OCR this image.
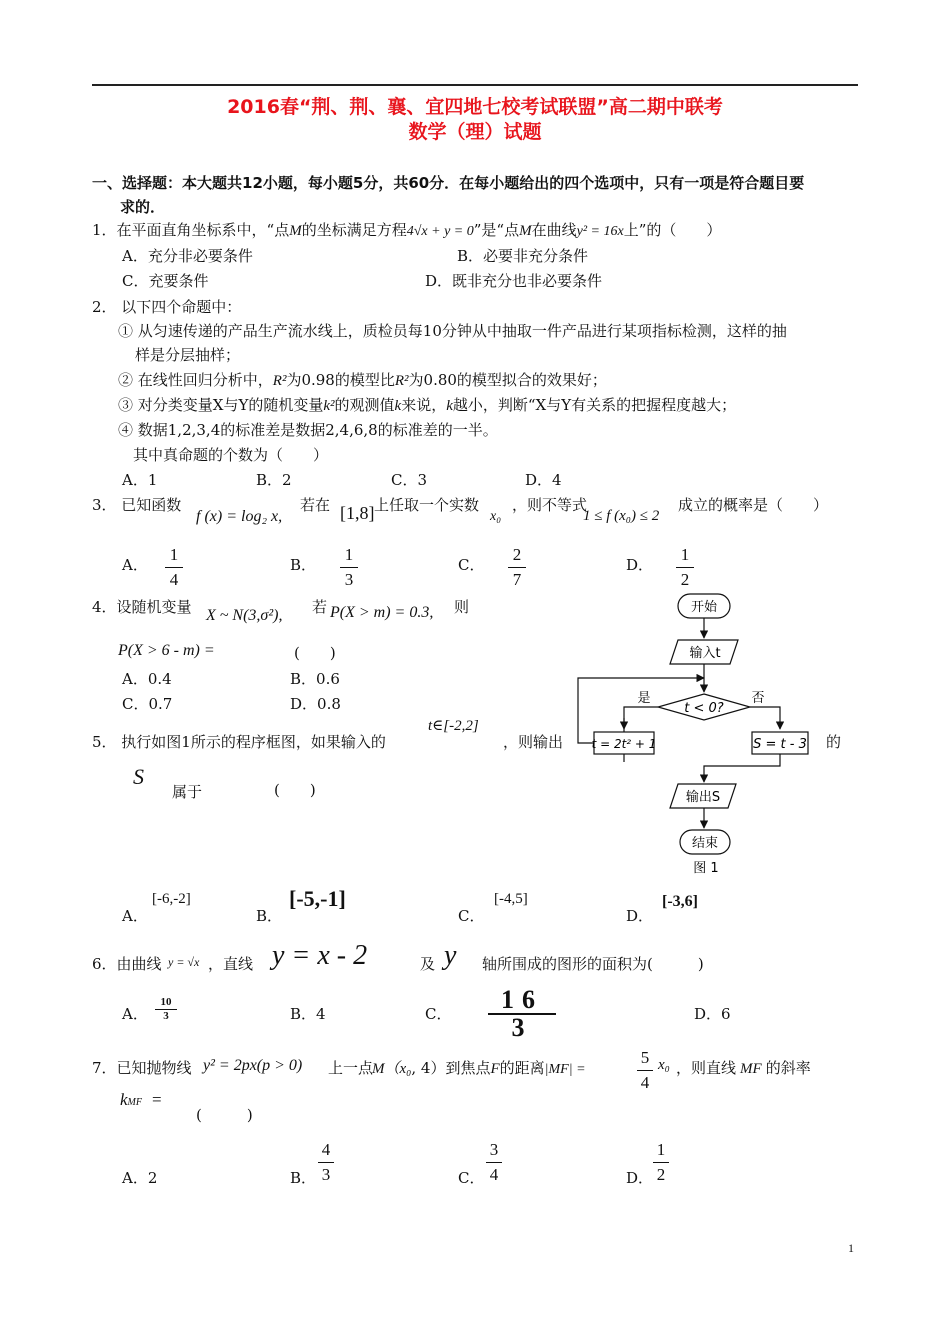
2016春“荆、荆、襄、宜四地七校考试联盟”高二期中联考
数学（理）试题
一、选择题：本大题共12小题，每小题5分，共60分．在每小题给出的四个选项中，只有一项是符合题目要
求的．
1．在平面直角坐标系中，“点M的坐标满足方程4√x + y = 0”是“点M在曲线y² = 16x上”的（　　）
A．充分非必要条件	B．必要非充分条件
C．充要条件	D．既非充分也非必要条件
2． 以下四个命题中：
① 从匀速传递的产品生产流水线上，质检员每10分钟从中抽取一件产品进行某项指标检测，这样的抽
样是分层抽样；
② 在线性回归分析中，R²为0.98的模型比R²为0.80的模型拟合的效果好；
③ 对分类变量X与Y的随机变量k²的观测值k来说，k越小，判断“X与Y有关系的把握程度越大；
④ 数据1,2,3,4的标准差是数据2,4,6,8的标准差的一半。
其中真命题的个数为（　　）
A．1	B．2	C．3	D．4
3． 已知函数
f (x) = log₂ x,
若在 [1,8] 上任取一个实数
x₀
，则不等式
1 ≤ f (x₀) ≤ 2
成立的概率是（　　）
A．
1
4
B．
1
3
C．
2
7
D．
1
2
4．设随机变量 X ~ N(3,σ²), 若 P(X > m) = 0.3, 则
P(X > 6 - m) =	(　　)
A．0.4	B．0.6
C．0.7	D．0.8
5． 执行如图1所示的程序框图，如果输入的
t∈[-2,2]
，则输出	的
S
属于	(　　)
A．
[-6,-2]
B．
[-5,-1]
C．
[-4,5]
D．
[-3,6]
开始
输入t
t < 0?
是	否
t = 2t² + 1	S = t - 3
输出S
结束
图 1
6．由曲线 y = √x ，直线 y = x - 2	及 y 轴所围成的图形的面积为(　　　)
A．
10
3	B．4	C．	16
3	D．6
7．已知抛物线 y² = 2px(p > 0) 上一点
M（x₀, 4）到焦点F的距离|MF| =
5
4
x₀ ，则直线 MF 的斜率
kMF =
(　　　)
A．2	B．
4
3	C．
3
4	D．
1
2
1
